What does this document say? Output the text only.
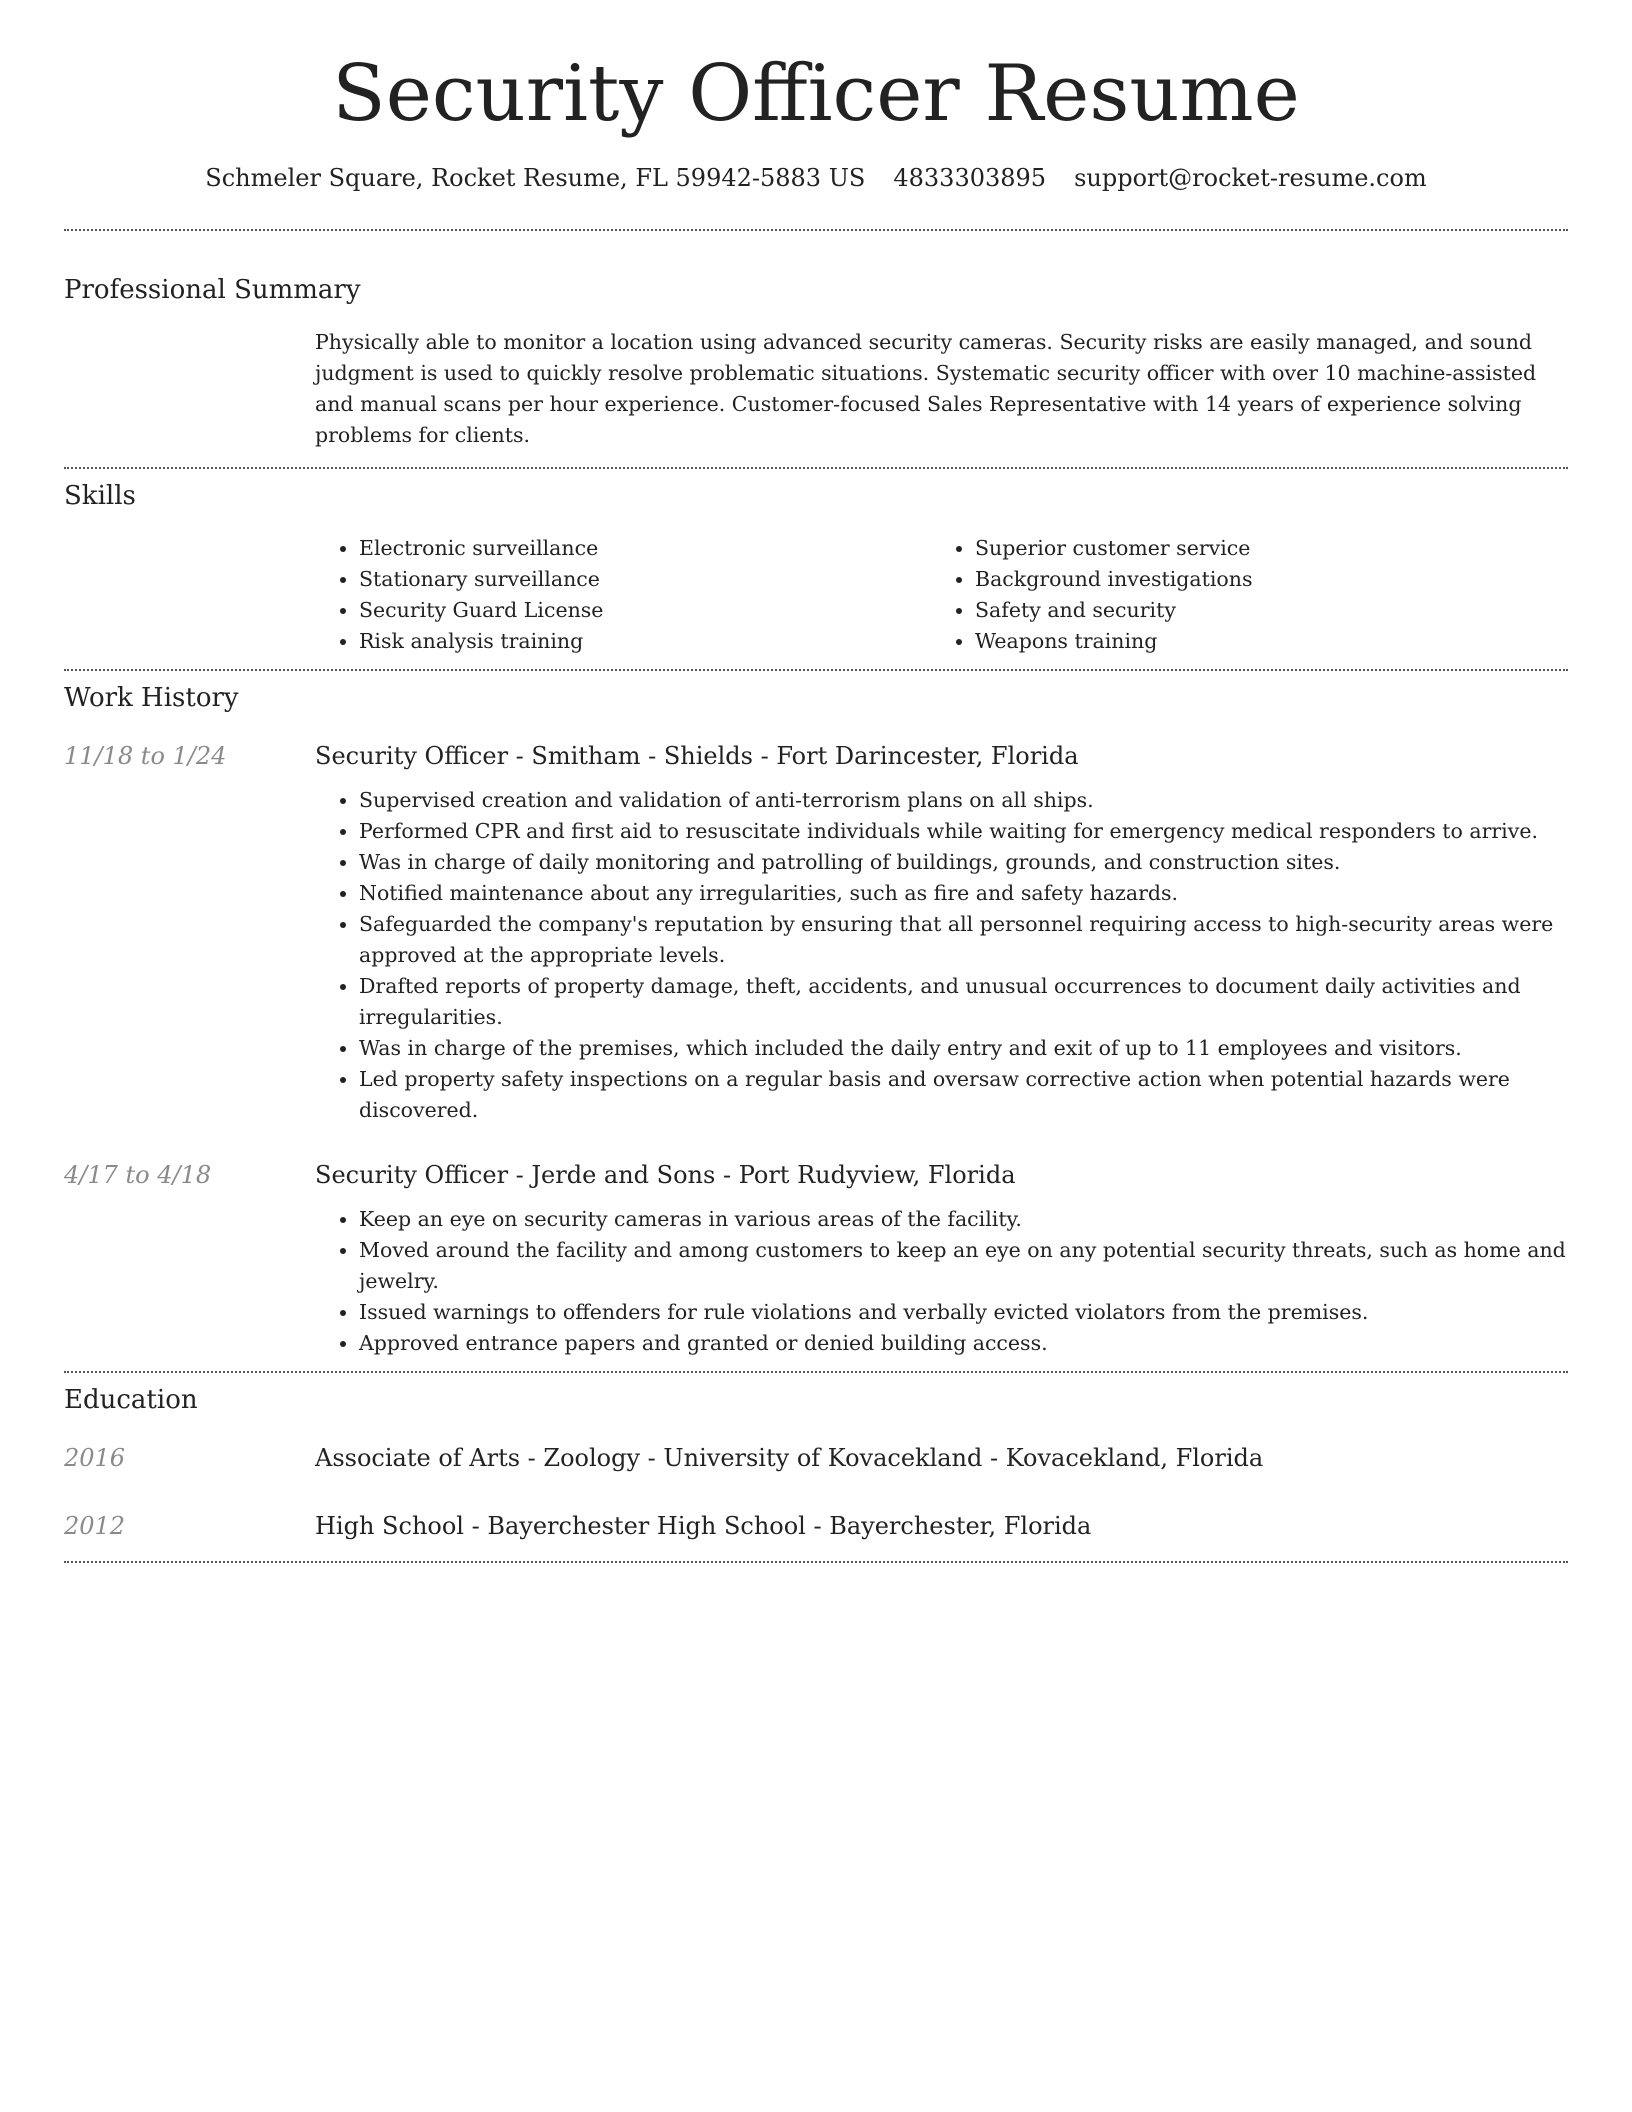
Security Officer Resume
Schmeler Square, Rocket Resume, FL 59942-5883 US 4833303895 support@rocket-resume.com
Professional Summary

Physically able to monitor a location using advanced security cameras. Security risks are easily managed, and sound judgment is used to quickly resolve problematic situations. Systematic security officer with over 10 machine-assisted and manual scans per hour experience. Customer-focused Sales Representative with 14 years of experience solving problems for clients.

Skills
• Electronic surveillance
• Stationary surveillance
• Security Guard License
• Risk analysis training
• Superior customer service
• Background investigations
• Safety and security
• Weapons training
Work History
11/18 to 1/24	Security Officer - Smitham - Shields - Fort Darincester, Florida
• Supervised creation and validation of anti-terrorism plans on all ships.
• Performed CPR and first aid to resuscitate individuals while waiting for emergency medical responders to arrive.
• Was in charge of daily monitoring and patrolling of buildings, grounds, and construction sites.
• Notified maintenance about any irregularities, such as fire and safety hazards.
• Safeguarded the company's reputation by ensuring that all personnel requiring access to high-security areas were approved at the appropriate levels.
• Drafted reports of property damage, theft, accidents, and unusual occurrences to document daily activities and irregularities.
• Was in charge of the premises, which included the daily entry and exit of up to 11 employees and visitors.
• Led property safety inspections on a regular basis and oversaw corrective action when potential hazards were discovered.
4/17 to 4/18	Security Officer - Jerde and Sons - Port Rudyview, Florida
• Keep an eye on security cameras in various areas of the facility.
• Moved around the facility and among customers to keep an eye on any potential security threats, such as home and jewelry.
• Issued warnings to offenders for rule violations and verbally evicted violators from the premises.
• Approved entrance papers and granted or denied building access.
Education
2016	Associate of Arts - Zoology - University of Kovacekland - Kovacekland, Florida
2012	High School - Bayerchester High School - Bayerchester, Florida
